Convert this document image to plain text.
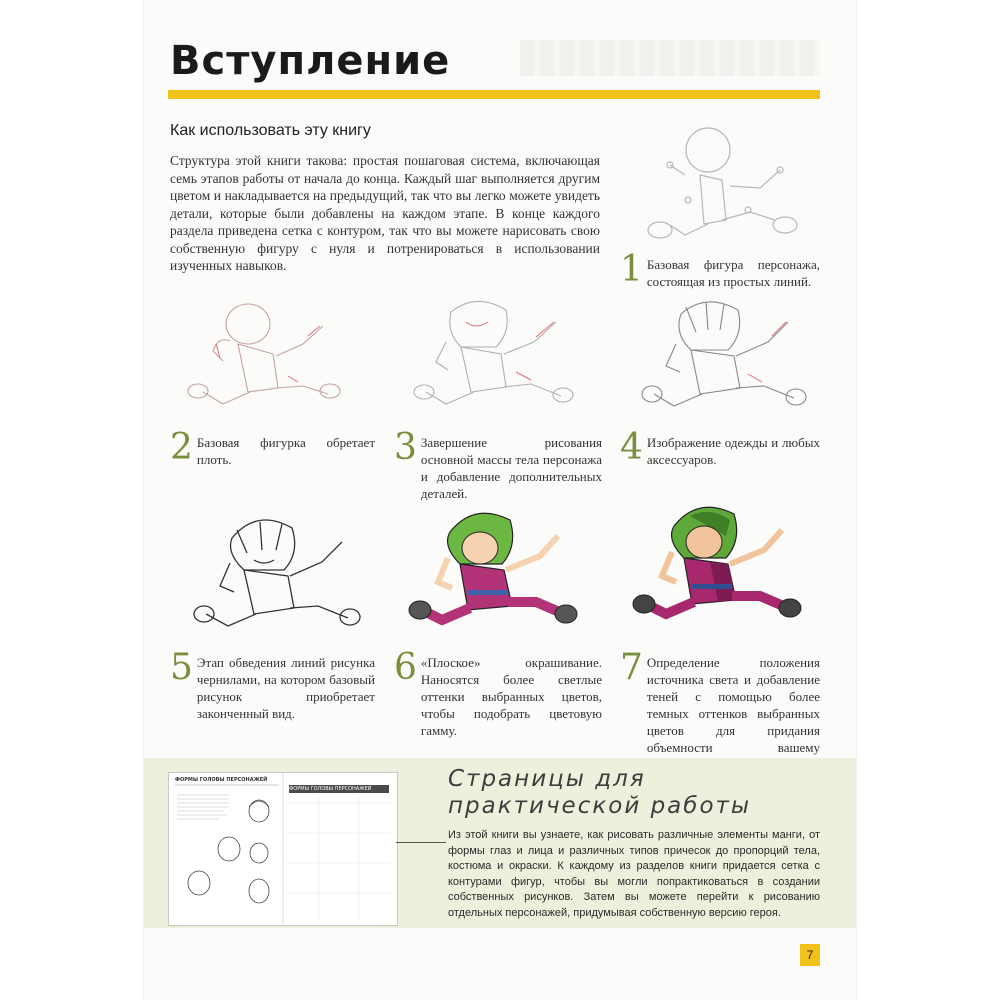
Вступление
Как использовать эту книгу

Структура этой книги такова: простая пошаговая система, включающая семь этапов работы от начала до конца. Каждый шаг выполняется другим цветом и накладывается на предыдущий, так что вы легко можете увидеть детали, которые были добавлены на каждом этапе. В конце каждого раздела приведена сетка с контуром, так что вы можете нарисовать свою собственную фигуру с нуля и потренироваться в использовании изученных навыков.	1 Базовая фигура персонажа, состоящая из простых линий.
2 Базовая фигурка обретает плоть.	3 Завершение рисования основной массы тела персонажа и добавление дополнительных деталей.
4 Изображение одежды и любых аксессуаров.
5 Этап обведения линий рисунка чернилами, на котором базовый рисунок приобретает законченный вид.
6 «Плоское» окрашивание. Наносятся более светлые оттенки выбранных цветов, чтобы подобрать цветовую гамму.
7 Определение положения источника света и добавление теней с помощью более темных оттенков выбранных цветов для придания объемности вашему
ФОРМЫ ГОЛОВЫ ПЕРСОНАЖЕЙ
ФОРМЫ ГОЛОВЫ ПЕРСОНАЖЕЙ	Страницы для практической работы

Из этой книги вы узнаете, как рисовать различные элементы манги, от формы глаз и лица и различных типов причесок до пропорций тела, костюма и окраски. К каждому из разделов книги придается сетка с контурами фигур, чтобы вы могли попрактиковаться в создании собственных рисунков. Затем вы можете перейти к рисованию отдельных персонажей, придумывая собственную версию героя.

7
